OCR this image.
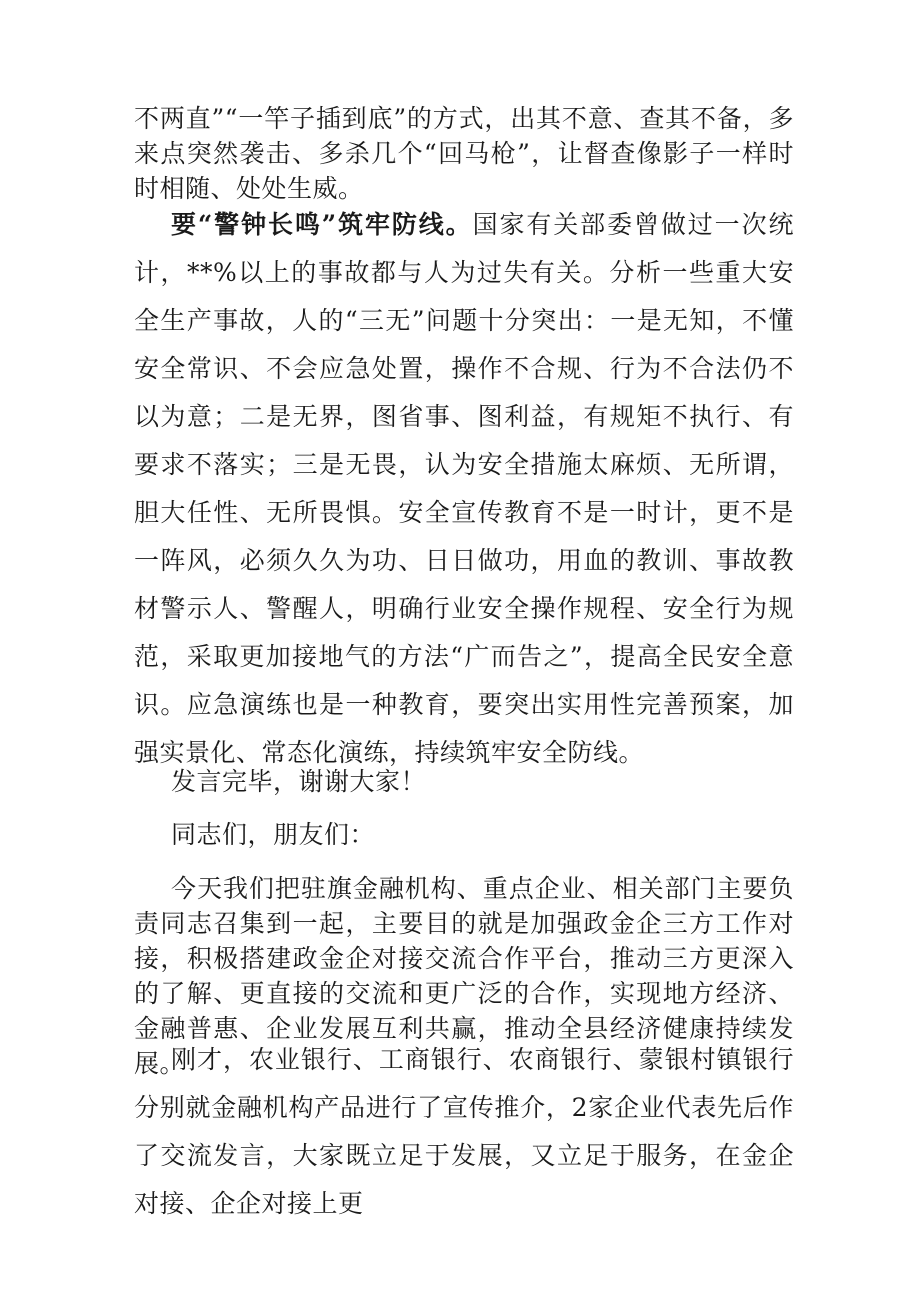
不两直”“一竿子插到底”的方式，出其不意、查其不备，多来点突然袭击、多杀几个“回马枪”，让督查像影子一样时时相随、处处生威。

要“警钟长鸣”筑牢防线。国家有关部委曾做过一次统计，**%以上的事故都与人为过失有关。分析一些重大安全生产事故，人的“三无”问题十分突出：一是无知，不懂安全常识、不会应急处置，操作不合规、行为不合法仍不以为意；二是无界，图省事、图利益，有规矩不执行、有要求不落实；三是无畏，认为安全措施太麻烦、无所谓，胆大任性、无所畏惧。安全宣传教育不是一时计，更不是一阵风，必须久久为功、日日做功，用血的教训、事故教材警示人、警醒人，明确行业安全操作规程、安全行为规范，采取更加接地气的方法“广而告之”，提高全民安全意识。应急演练也是一种教育，要突出实用性完善预案，加强实景化、常态化演练，持续筑牢安全防线。

发言完毕，谢谢大家！

同志们，朋友们：

今天我们把驻旗金融机构、重点企业、相关部门主要负责同志召集到一起，主要目的就是加强政金企三方工作对接，积极搭建政金企对接交流合作平台，推动三方更深入的了解、更直接的交流和更广泛的合作，实现地方经济、金融普惠、企业发展互利共赢，推动全县经济健康持续发展。

刚才，农业银行、工商银行、农商银行、蒙银村镇银行分别就金融机构产品进行了宣传推介，2家企业代表先后作了交流发言，大家既立足于发展，又立足于服务，在金企对接、企企对接上更
